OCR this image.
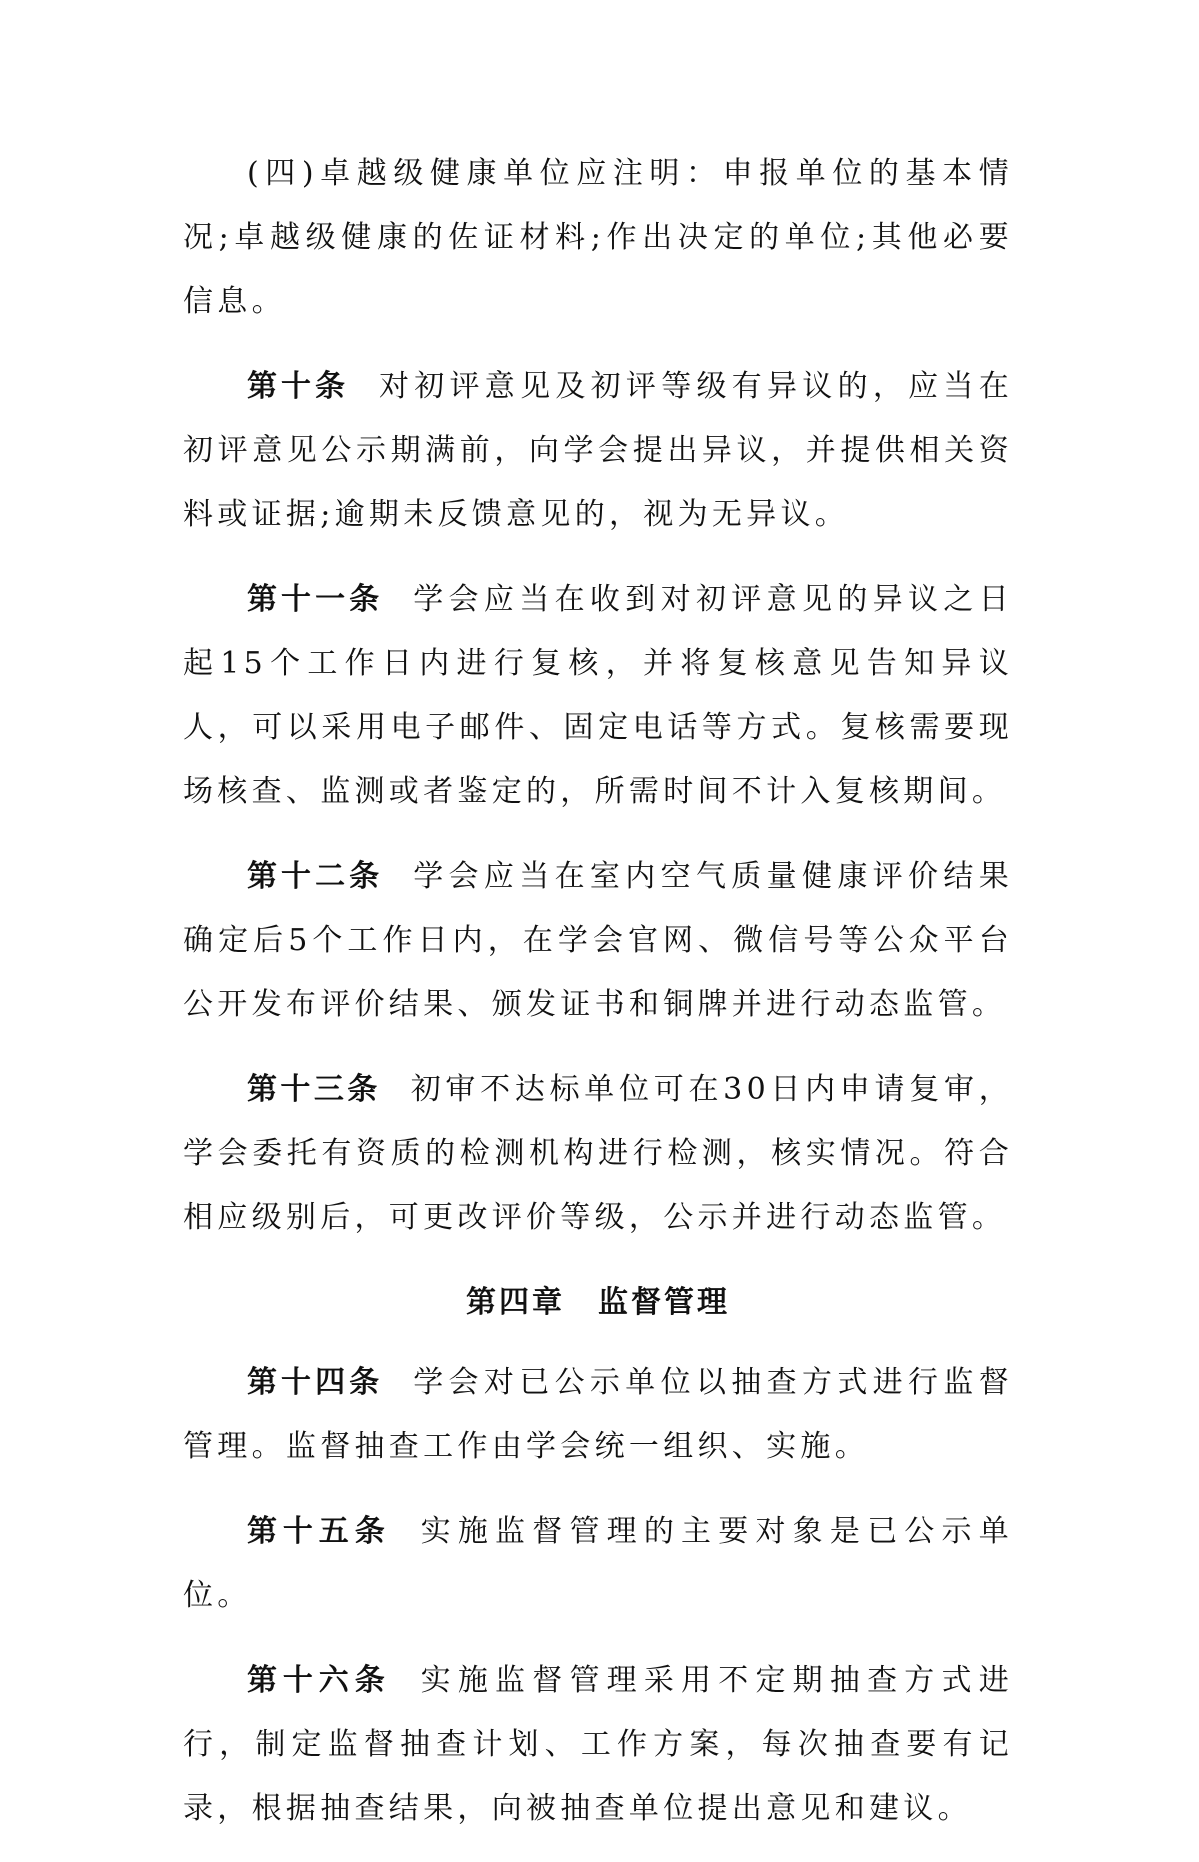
(四)卓越级健康单位应注明：申报单位的基本情况;卓越级健康的佐证材料;作出决定的单位;其他必要信息。

第十条 对初评意见及初评等级有异议的，应当在初评意见公示期满前，向学会提出异议，并提供相关资料或证据;逾期未反馈意见的，视为无异议。

第十一条 学会应当在收到对初评意见的异议之日起15个工作日内进行复核，并将复核意见告知异议人，可以采用电子邮件、固定电话等方式。复核需要现场核查、监测或者鉴定的，所需时间不计入复核期间。

第十二条 学会应当在室内空气质量健康评价结果确定后5个工作日内，在学会官网、微信号等公众平台公开发布评价结果、颁发证书和铜牌并进行动态监管。

第十三条 初审不达标单位可在30日内申请复审，学会委托有资质的检测机构进行检测，核实情况。符合相应级别后，可更改评价等级，公示并进行动态监管。

第四章　监督管理

第十四条 学会对已公示单位以抽查方式进行监督管理。监督抽查工作由学会统一组织、实施。

第十五条 实施监督管理的主要对象是已公示单位。

第十六条 实施监督管理采用不定期抽查方式进行，制定监督抽查计划、工作方案，每次抽查要有记录，根据抽查结果，向被抽查单位提出意见和建议。
